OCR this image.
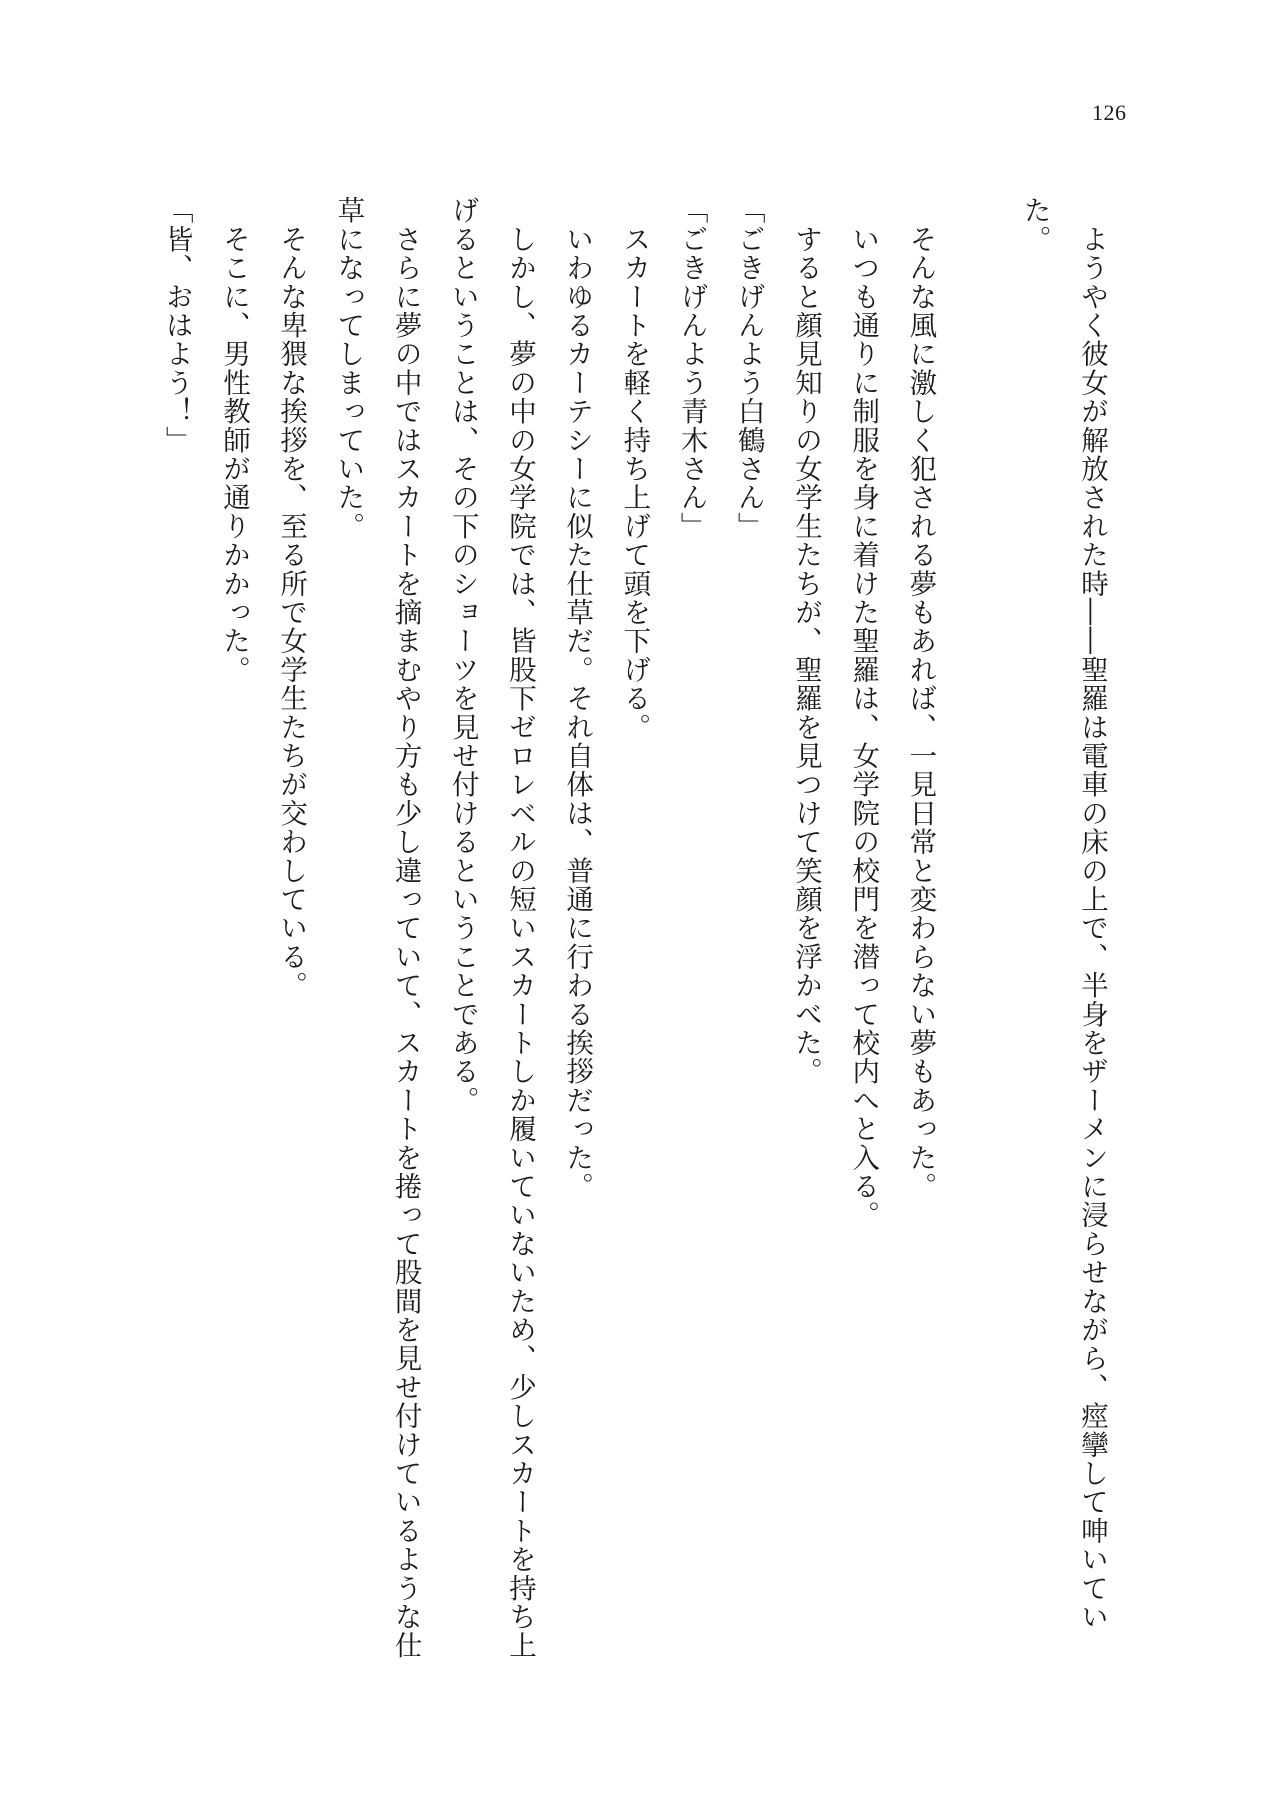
126
　ようやく彼女が解放された時――聖羅は電車の床の上で、半身をザーメンに浸らせながら、痙攣して呻いていた。

　そんな風に激しく犯される夢もあれば、一見日常と変わらない夢もあった。
　いつも通りに制服を身に着けた聖羅は、女学院の校門を潜って校内へと入る。
　すると顔見知りの女学生たちが、聖羅を見つけて笑顔を浮かべた。
「ごきげんよう白鶴さん」
「ごきげんよう青木さん」
　スカートを軽く持ち上げて頭を下げる。
　いわゆるカーテシーに似た仕草だ。それ自体は、普通に行わる挨拶だった。
　しかし、夢の中の女学院では、皆股下ゼロレベルの短いスカートしか履いていないため、少しスカートを持ち上げるということは、その下のショーツを見せ付けるということである。
　さらに夢の中ではスカートを摘まむやり方も少し違っていて、スカートを捲って股間を見せ付けているような仕草になってしまっていた。
　そんな卑猥な挨拶を、至る所で女学生たちが交わしている。
　そこに、男性教師が通りかかった。
「皆、おはよう！」
